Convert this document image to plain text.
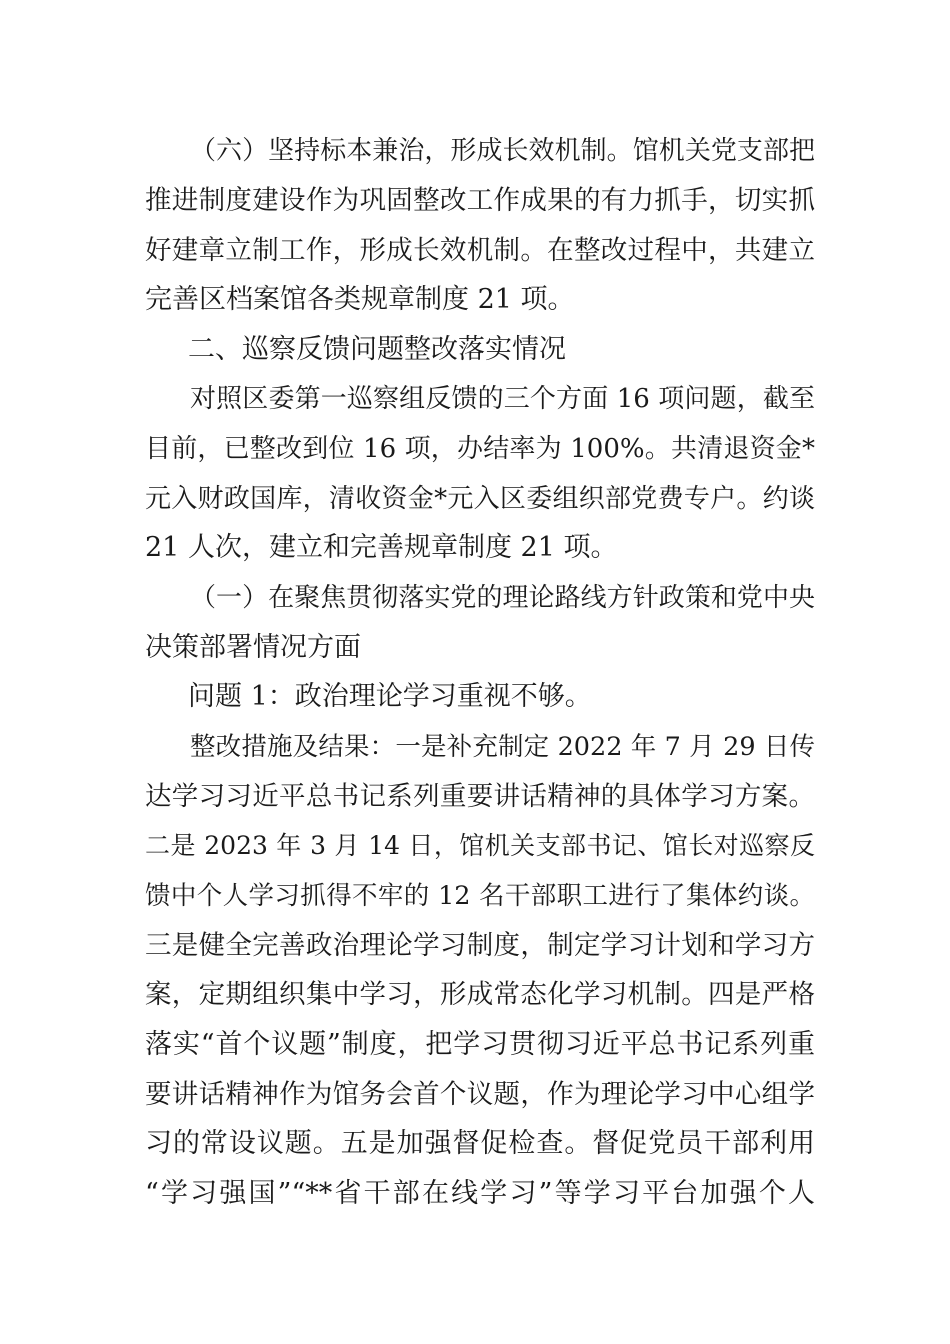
（六）坚持标本兼治，形成长效机制。馆机关党支部把
推进制度建设作为巩固整改工作成果的有力抓手，切实抓
好建章立制工作，形成长效机制。在整改过程中，共建立
完善区档案馆各类规章制度 21 项。
二、巡察反馈问题整改落实情况
对照区委第一巡察组反馈的三个方面 16 项问题，截至
目前，已整改到位 16 项，办结率为 100%。共清退资金*
元入财政国库，清收资金*元入区委组织部党费专户。约谈
21 人次，建立和完善规章制度 21 项。
（一）在聚焦贯彻落实党的理论路线方针政策和党中央
决策部署情况方面
问题 1：政治理论学习重视不够。
整改措施及结果：一是补充制定 2022 年 7 月 29 日传
达学习习近平总书记系列重要讲话精神的具体学习方案。
二是 2023 年 3 月 14 日，馆机关支部书记、馆长对巡察反
馈中个人学习抓得不牢的 12 名干部职工进行了集体约谈。
三是健全完善政治理论学习制度，制定学习计划和学习方
案，定期组织集中学习，形成常态化学习机制。四是严格
落实“首个议题”制度，把学习贯彻习近平总书记系列重
要讲话精神作为馆务会首个议题，作为理论学习中心组学
习的常设议题。五是加强督促检查。督促党员干部利用
“学习强国”“**省干部在线学习”等学习平台加强个人
